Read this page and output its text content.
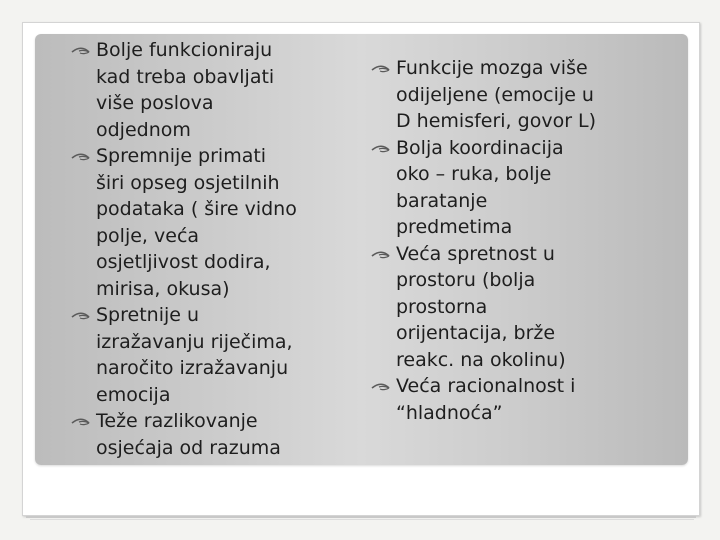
Bolje funkcioniraju
kad treba obavljati
više poslova
odjednom
Spremnije primati
širi opseg osjetilnih
podataka ( šire vidno
polje, veća
osjetljivost dodira,
mirisa, okusa)
Spretnije u
izražavanju riječima,
naročito izražavanju
emocija
Teže razlikovanje
osjećaja od razuma
Funkcije mozga više
odijeljene (emocije u
D hemisferi, govor L)
Bolja koordinacija
oko – ruka, bolje
baratanje
predmetima
Veća spretnost u
prostoru (bolja
prostorna
orijentacija, brže
reakc. na okolinu)
Veća racionalnost i
“hladnoća”
